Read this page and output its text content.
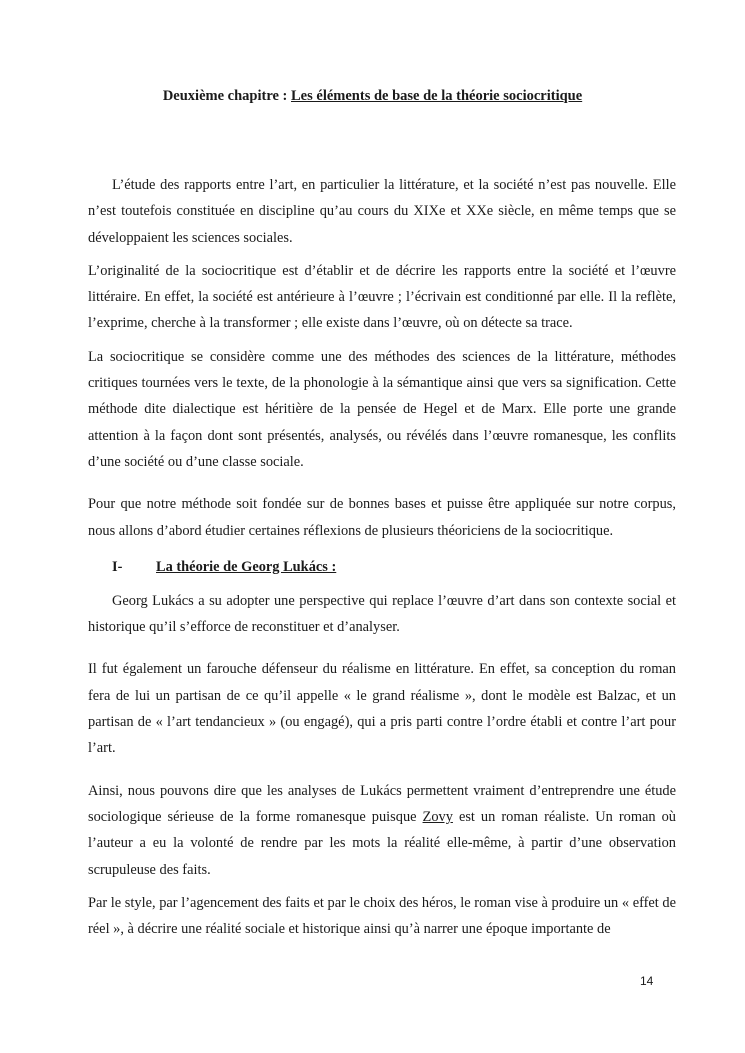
Deuxième chapitre : Les éléments de base de la théorie sociocritique

L’étude des rapports entre l’art, en particulier la littérature, et la société n’est pas nouvelle. Elle n’est toutefois constituée en discipline qu’au cours du XIXe et XXe siècle, en même temps que se développaient les sciences sociales.

L’originalité de la sociocritique est d’établir et de décrire les rapports entre la société et l’œuvre littéraire. En effet, la société est antérieure à l’œuvre ; l’écrivain est conditionné par elle. Il la reflète, l’exprime, cherche à la transformer ; elle existe dans l’œuvre, où on détecte sa trace.

La sociocritique se considère comme une des méthodes des sciences de la littérature, méthodes critiques tournées vers le texte, de la phonologie à la sémantique ainsi que vers sa signification. Cette méthode dite dialectique est héritière de la pensée de Hegel et de Marx. Elle porte une grande attention à la façon dont sont présentés, analysés, ou révélés dans l’œuvre romanesque, les conflits d’une société ou d’une classe sociale.

Pour que notre méthode soit fondée sur de bonnes bases et puisse être appliquée sur notre corpus, nous allons d’abord étudier certaines réflexions de plusieurs théoriciens de la sociocritique.

I- La théorie de Georg Lukács :

Georg Lukács a su adopter une perspective qui replace l’œuvre d’art dans son contexte social et historique qu’il s’efforce de reconstituer et d’analyser.

Il fut également un farouche défenseur du réalisme en littérature. En effet, sa conception du roman fera de lui un partisan de ce qu’il appelle « le grand réalisme », dont le modèle est Balzac, et un partisan de « l’art tendancieux » (ou engagé), qui a pris parti contre l’ordre établi et contre l’art pour l’art.

Ainsi, nous pouvons dire que les analyses de Lukács permettent vraiment d’entreprendre une étude sociologique sérieuse de la forme romanesque puisque Zovy est un roman réaliste. Un roman où l’auteur a eu la volonté de rendre par les mots la réalité elle-même, à partir d’une observation scrupuleuse des faits.

Par le style, par l’agencement des faits et par le choix des héros, le roman vise à produire un « effet de réel », à décrire une réalité sociale et historique ainsi qu’à narrer une époque importante de

14
